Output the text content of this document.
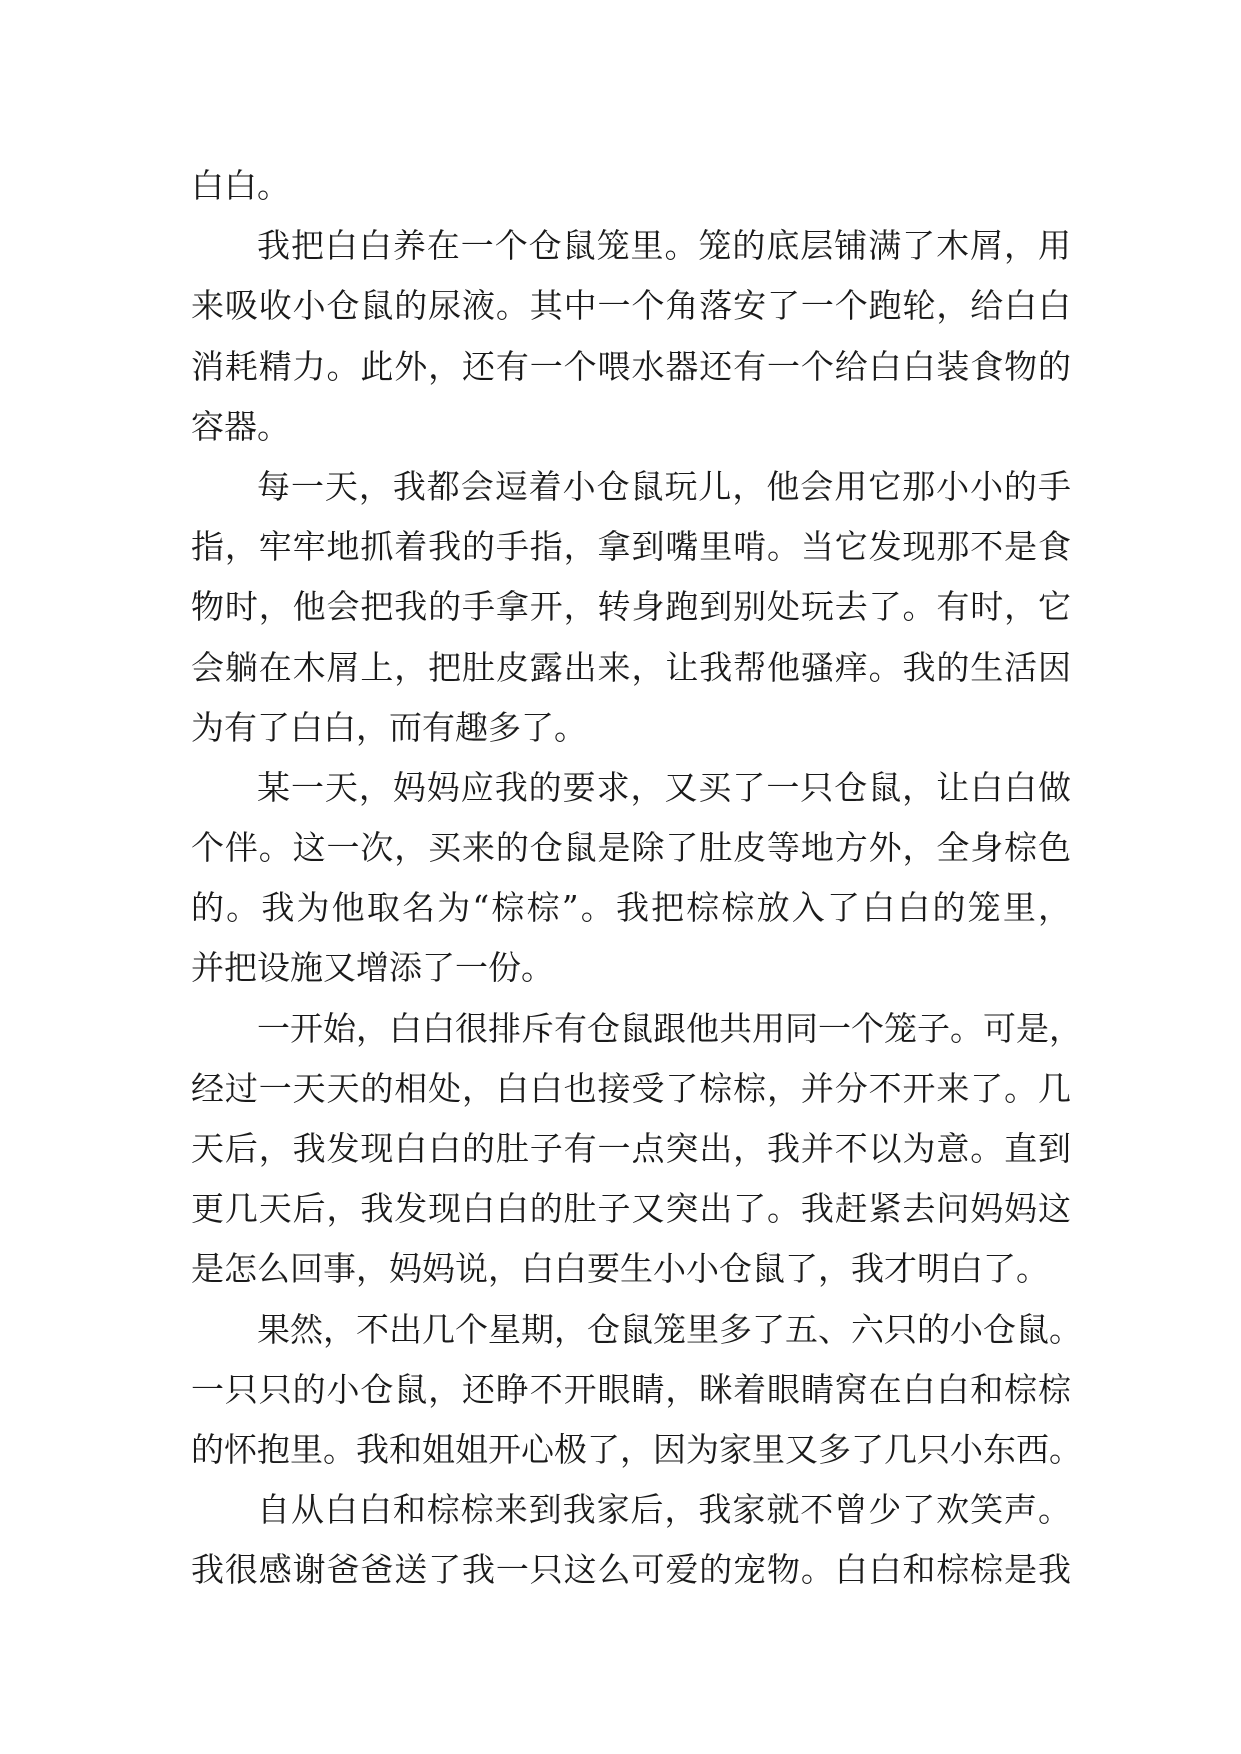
白白。
我把白白养在一个仓鼠笼里。笼的底层铺满了木屑，用
来吸收小仓鼠的尿液。其中一个角落安了一个跑轮，给白白
消耗精力。此外，还有一个喂水器还有一个给白白装食物的
容器。
每一天，我都会逗着小仓鼠玩儿，他会用它那小小的手
指，牢牢地抓着我的手指，拿到嘴里啃。当它发现那不是食
物时，他会把我的手拿开，转身跑到别处玩去了。有时，它
会躺在木屑上，把肚皮露出来，让我帮他骚痒。我的生活因
为有了白白，而有趣多了。
某一天，妈妈应我的要求，又买了一只仓鼠，让白白做
个伴。这一次，买来的仓鼠是除了肚皮等地方外，全身棕色
的。我为他取名为“棕棕”。我把棕棕放入了白白的笼里，
并把设施又增添了一份。
一开始，白白很排斥有仓鼠跟他共用同一个笼子。可是，
经过一天天的相处，白白也接受了棕棕，并分不开来了。几
天后，我发现白白的肚子有一点突出，我并不以为意。直到
更几天后，我发现白白的肚子又突出了。我赶紧去问妈妈这
是怎么回事，妈妈说，白白要生小小仓鼠了，我才明白了。
果然，不出几个星期，仓鼠笼里多了五、六只的小仓鼠。
一只只的小仓鼠，还睁不开眼睛，眯着眼睛窝在白白和棕棕
的怀抱里。我和姐姐开心极了，因为家里又多了几只小东西。
自从白白和棕棕来到我家后，我家就不曾少了欢笑声。
我很感谢爸爸送了我一只这么可爱的宠物。白白和棕棕是我
